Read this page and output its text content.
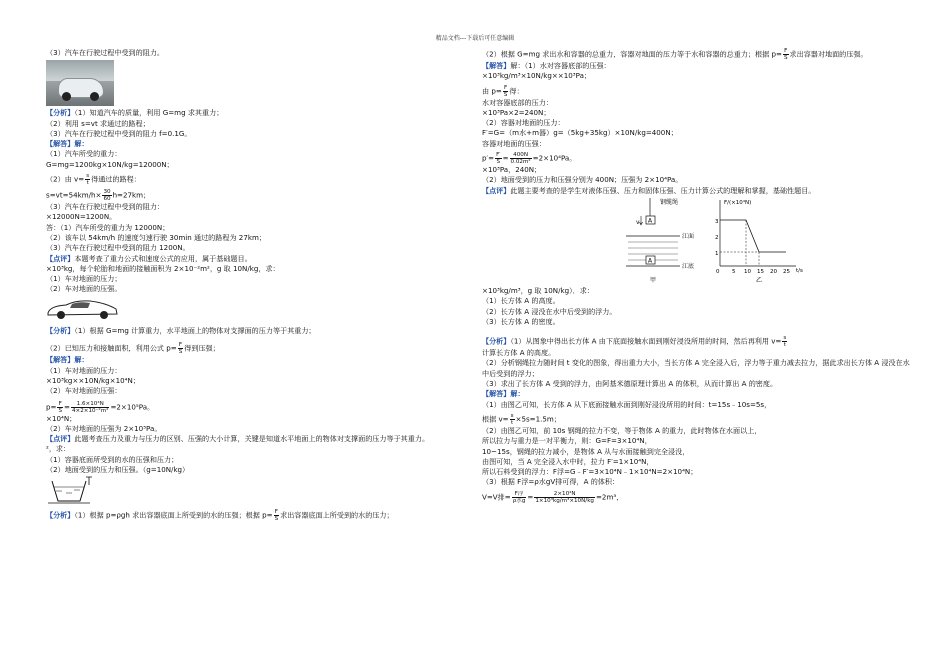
精品文档---下载后可任意编辑
（3）汽车在行驶过程中受到的阻力。
【分析】（1）知道汽车的质量，利用 G=mg 求其重力；
（2）利用 s=vt 求通过的路程；
（3）汽车在行驶过程中受到的阻力 f=0.1G。
【解答】解：
（1）汽车所受的重力：
G=mg=1200kg×10N/kg=12000N；
（2）由 $v= \frac{s}{t}$ 得通过的路程：
$s=vt=54km/h\times \frac{30}{60} h=27km$；
（3）汽车在行驶过程中受到的阻力：
×12000N=1200N。
答：（1）汽车所受的重力为 12000N；
（2）该车以 54km/h 的速度匀速行驶 30min 通过的路程为 27km；
（3）汽车在行驶过程中受到的阻力 1200N。
【点评】本题考查了重力公式和速度公式的应用，属于基础题目。
×10³kg，每个轮胎和地面的接触面积为 2×10⁻²m²，g 取 10N/kg，求：
（1）车对地面的压力；
（2）车对地面的压强。
【分析】（1）根据 G=mg 计算重力，水平地面上的物体对支撑面的压力等于其重力；
（2）已知压力和接触面积，利用公式 $p= \frac{F}{S}$ 得到压强；
【解答】解：
（1）车对地面的压力：
×10³kg××10N/kg×10⁴N；
（2）车对地面的压强：
$p= \frac{F}{S} = \frac{\text{1.6×10⁴N}}{\text{4×2×10⁻²m²}} =2\times 10^5Pa$。
×10⁴N；
（2）车对地面的压强为 2×10⁵Pa。
【点评】此题考查压力及重力与压力的区别、压强的大小计算，关键是知道水平地面上的物体对支撑面的压力等于其重力。
²，求：
（1）容器底面所受到的水的压强和压力；
（2）地面受到的压力和压强。（g=10N/kg）
【分析】（1）根据 p=ρgh 求出容器底面上所受到的水的压强；根据 $p= \frac{F}{S}$ 求出容器底面上所受到的水的压力；
（2）根据 G=mg 求出水和容器的总重力，容器对地面的压力等于水和容器的总重力；根据 $p= \frac{F}{S}$ 求出容器对地面的压强。
【解答】解：（1）水对容器底部的压强：
×10³kg/m³×10N/kg××10³Pa；
由 $p= \frac{F}{S}$ 得：
水对容器底部的压力：
×10³Pa×2=240N；
（2）容器对地面的压力：
F′=G=（m水+m器）g=（5kg+35kg）×10N/kg=400N；
容器对地面的压强：
$p'= \frac{F'}{S} = \frac{400N}{\text{0.02m²}} =2\times 10^4Pa$。
×10³Pa，240N；
（2）地面受到的压力和压强分别为 400N；压强为 2×10⁴Pa。
【点评】此题主要考查的是学生对液体压强、压力和固体压强、压力计算公式的理解和掌握，基础性题目。
钢缆绳
A
v
A
江面
江底
甲
F/(×10⁴N)
t/s
1
2
3
0 5 10 15 20 25
乙
×10³kg/m³，g 取 10N/kg）．求：
（1）长方体 A 的高度。
（2）长方体 A 浸没在水中后受到的浮力。
（3）长方体 A 的密度。
【分析】（1）从图象中得出长方体 A 由下底面接触水面到刚好浸没所用的时间，然后再利用 $v= \frac{s}{t}$
计算长方体 A 的高度。
（2）分析钢绳拉力随时间 t 变化的图象，得出重力大小，当长方体 A 完全浸入后，浮力等于重力减去拉力，据此求出长方体 A 浸没在水中后受到的浮力；
（3）求出了长方体 A 受到的浮力，由阿基米德原理计算出 A 的体积，从而计算出 A 的密度。
【解答】解：
（1）由图乙可知，长方体 A 从下底面接触水面到刚好浸没所用的时间：t=15s﹣10s=5s，
根据 $v= \frac{s}{t} \times 5s=1.5m$；
（2）由图乙可知，前 10s 钢绳的拉力不变，等于物体 A 的重力，此时物体在水面以上，
所以拉力与重力是一对平衡力，则：G=F=3×10⁴N，
10~15s，钢绳的拉力减小，是物体 A 从与水面接触到完全浸没，
由图可知，当 A 完全浸入水中时，拉力 F′=1×10⁴N，
所以石料受到的浮力：F浮=G﹣F′=3×10⁴N﹣1×10⁴N=2×10⁴N；
（3）根据 F浮=ρ水gV排可得，A 的体积：
V=V排= $\frac{\text{F浮}}{\text{ρ水g}} = \frac{\text{2×10⁴N}}{\text{1×10³kg/m³×10N/kg}} =2m^3$，
